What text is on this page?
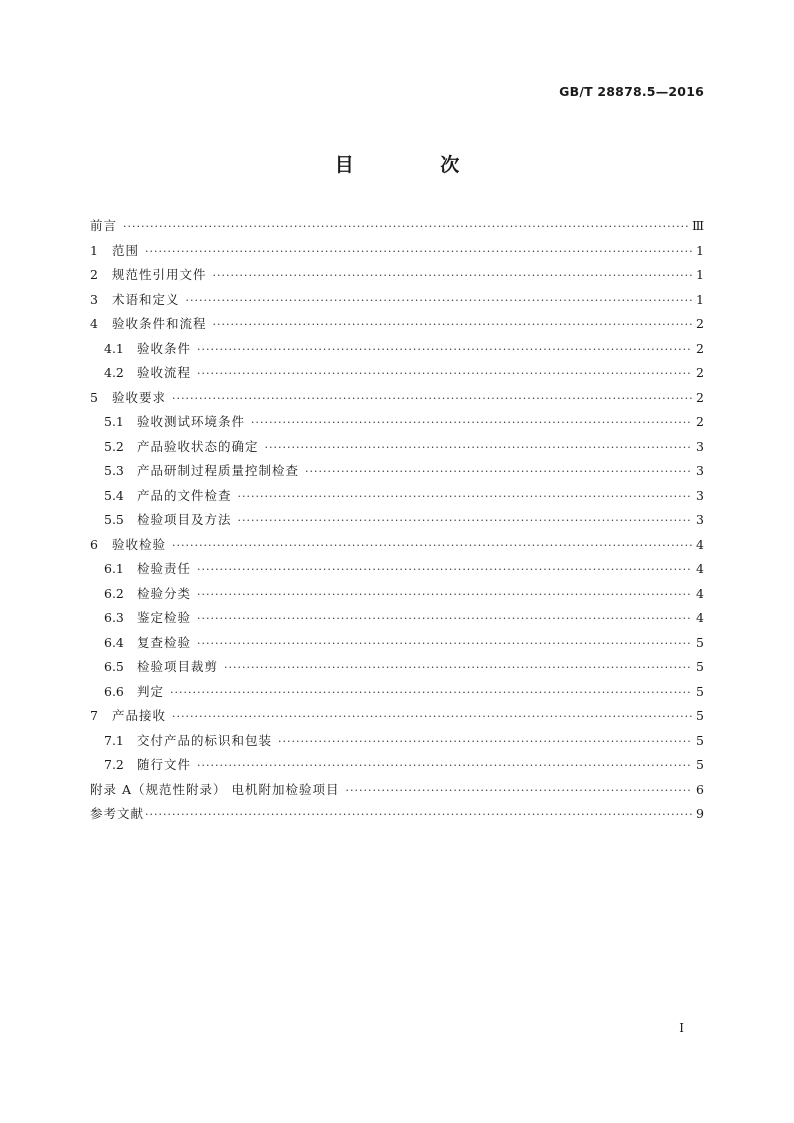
GB/T 28878.5—2016
目 次
前言 ·····	Ⅲ
1	范围 ·····	1
2	规范性引用文件 ·····	1
3	术语和定义 ·····	1
4	验收条件和流程 ·····	2
4.1	验收条件 ·····	2
4.2	验收流程 ·····	2
5	验收要求 ·····	2
5.1	验收测试环境条件 ·····	2
5.2	产品验收状态的确定 ·····	3
5.3	产品研制过程质量控制检查 ·····	3
5.4	产品的文件检查 ·····	3
5.5	检验项目及方法 ·····	3
6	验收检验 ·····	4
6.1	检验责任 ·····	4
6.2	检验分类 ·····	4
6.3	鉴定检验 ·····	4
6.4	复查检验 ·····	5
6.5	检验项目裁剪 ·····	5
6.6	判定 ·····	5
7	产品接收 ·····	5
7.1	交付产品的标识和包装 ·····	5
7.2	随行文件 ·····	5
附录 A（规范性附录） 电机附加检验项目 ·····	6
参考文献 ·····	9
I
